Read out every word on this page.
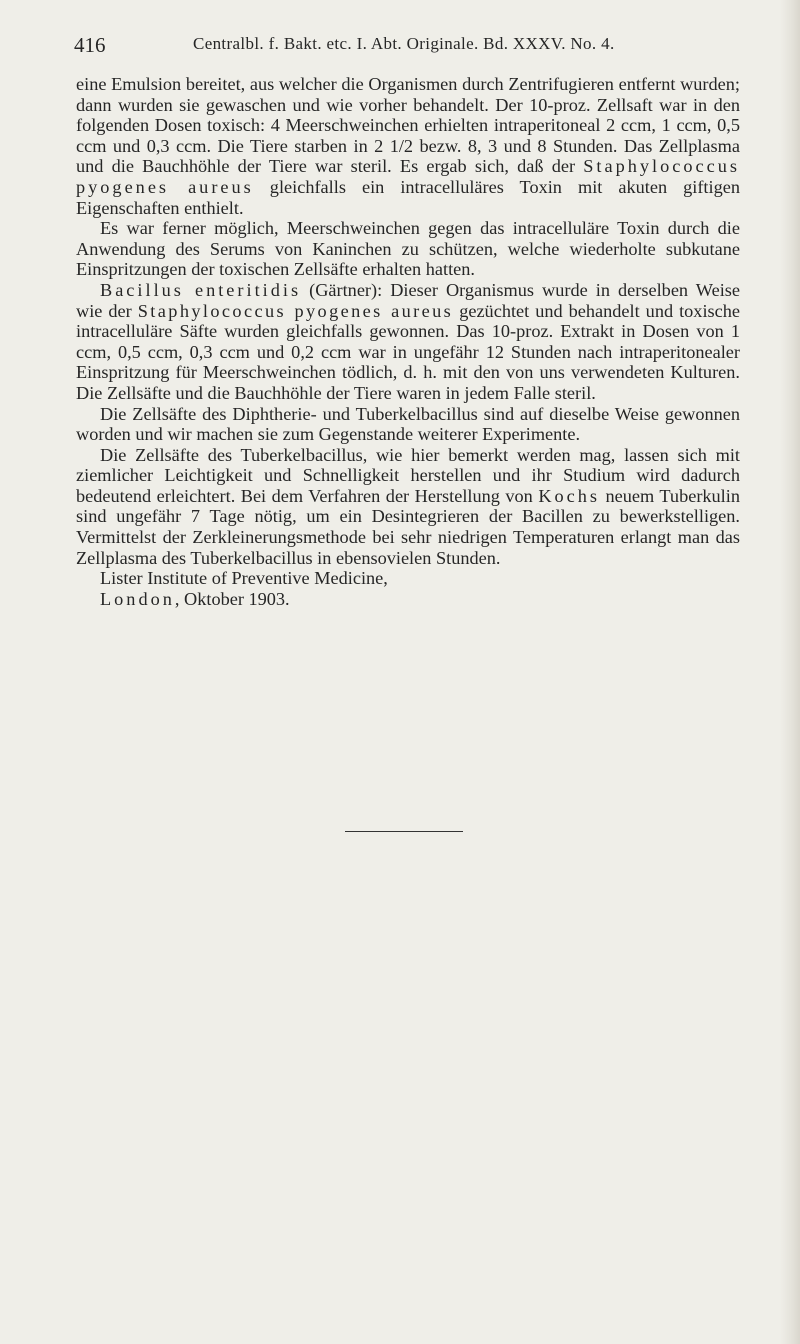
416	Centralbl. f. Bakt. etc. I. Abt. Originale. Bd. XXXV. No. 4.

eine Emulsion bereitet, aus welcher die Organismen durch Zentrifugieren entfernt wurden; dann wurden sie gewaschen und wie vorher behandelt. Der 10-proz. Zellsaft war in den folgenden Dosen toxisch: 4 Meerschweinchen erhielten intraperitoneal 2 ccm, 1 ccm, 0,5 ccm und 0,3 ccm. Die Tiere starben in 2 1/2 bezw. 8, 3 und 8 Stunden. Das Zellplasma und die Bauchhöhle der Tiere war steril. Es ergab sich, daß der Staphylococcus pyogenes aureus gleichfalls ein intracelluläres Toxin mit akuten giftigen Eigenschaften enthielt.

Es war ferner möglich, Meerschweinchen gegen das intracelluläre Toxin durch die Anwendung des Serums von Kaninchen zu schützen, welche wiederholte subkutane Einspritzungen der toxischen Zellsäfte erhalten hatten.

Bacillus enteritidis (Gärtner): Dieser Organismus wurde in derselben Weise wie der Staphylococcus pyogenes aureus gezüchtet und behandelt und toxische intracelluläre Säfte wurden gleichfalls gewonnen. Das 10-proz. Extrakt in Dosen von 1 ccm, 0,5 ccm, 0,3 ccm und 0,2 ccm war in ungefähr 12 Stunden nach intraperitonealer Einspritzung für Meerschweinchen tödlich, d. h. mit den von uns verwendeten Kulturen. Die Zellsäfte und die Bauchhöhle der Tiere waren in jedem Falle steril.

Die Zellsäfte des Diphtherie- und Tuberkelbacillus sind auf dieselbe Weise gewonnen worden und wir machen sie zum Gegenstande weiterer Experimente.

Die Zellsäfte des Tuberkelbacillus, wie hier bemerkt werden mag, lassen sich mit ziemlicher Leichtigkeit und Schnelligkeit herstellen und ihr Studium wird dadurch bedeutend erleichtert. Bei dem Verfahren der Herstellung von Kochs neuem Tuberkulin sind ungefähr 7 Tage nötig, um ein Desintegrieren der Bacillen zu bewerkstelligen. Vermittelst der Zerkleinerungsmethode bei sehr niedrigen Temperaturen erlangt man das Zellplasma des Tuberkelbacillus in ebensovielen Stunden.

Lister Institute of Preventive Medicine,

London, Oktober 1903.
